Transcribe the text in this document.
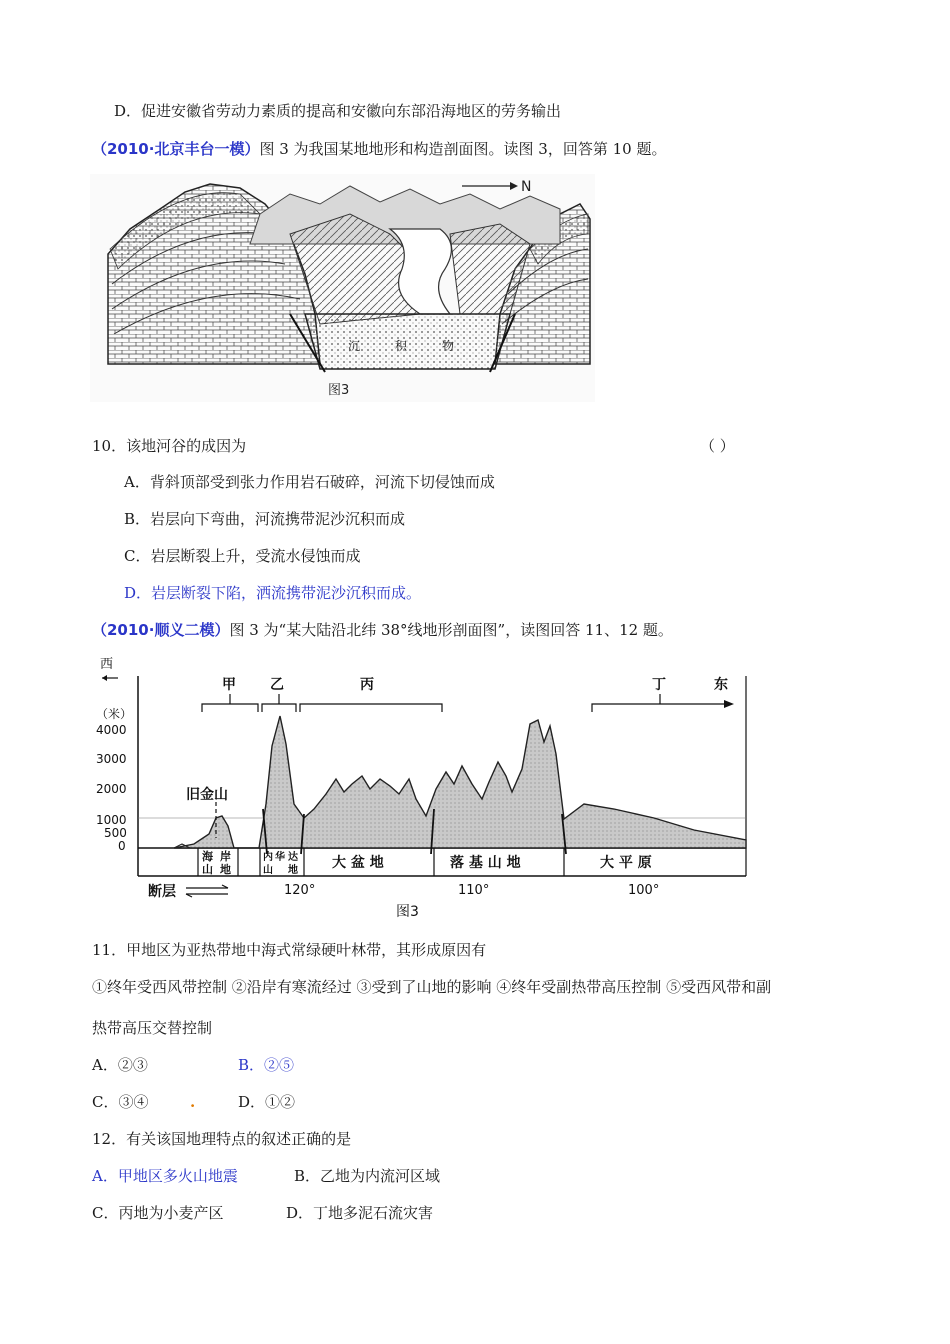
D．促进安徽省劳动力素质的提高和安徽向东部沿海地区的劳务输出
（2010·北京丰台一模）图 3 为我国某地地形和构造剖面图。读图 3，回答第 10 题。
沉	积	物
N
图3
10．该地河谷的成因为	（ ）
A．背斜顶部受到张力作用岩石破碎，河流下切侵蚀而成
B．岩层向下弯曲，河流携带泥沙沉积而成
C．岩层断裂上升，受流水侵蚀而成
D．岩层断裂下陷，洒流携带泥沙沉积而成。
（2010·顺义二模）图 3 为“某大陆沿北纬 38°线地形剖面图”，读图回答 11、12 题。
西
（米）
4000
3000
2000
1000
500
0
旧金山
甲 乙	丙	丁	东
海 岸
山 地
内 华 达
山 地 大 盆 地	落 基 山 地	大 平 原
120°	110°	100°
断层
图3
11．甲地区为亚热带地中海式常绿硬叶林带，其形成原因有
①终年受西风带控制 ②沿岸有寒流经过 ③受到了山地的影响 ④终年受副热带高压控制 ⑤受西风带和副
热带高压交替控制
A．②③	B．②⑤
C．③④	.	D．①②
12．有关该国地理特点的叙述正确的是
A．甲地区多火山地震	B．乙地为内流河区域
C．丙地为小麦产区	D．丁地多泥石流灾害
